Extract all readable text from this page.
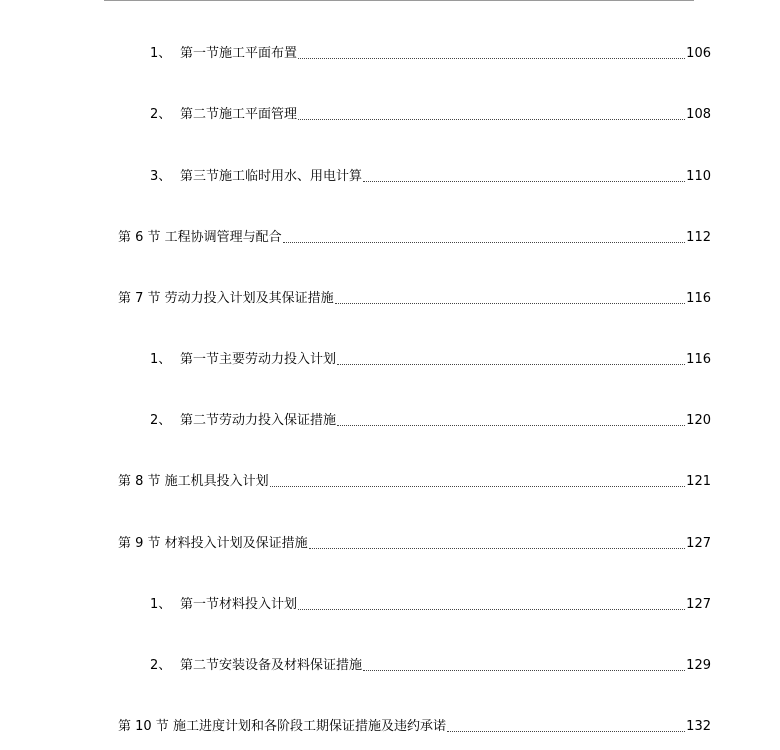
1、 第一节施工平面布置	106
2、 第二节施工平面管理	108
3、 第三节施工临时用水、用电计算	110
第 6 节 工程协调管理与配合	112
第 7 节 劳动力投入计划及其保证措施	116
1、 第一节主要劳动力投入计划	116
2、 第二节劳动力投入保证措施	120
第 8 节 施工机具投入计划	121
第 9 节 材料投入计划及保证措施	127
1、 第一节材料投入计划	127
2、 第二节安装设备及材料保证措施	129
第 10 节 施工进度计划和各阶段工期保证措施及违约承诺	132
